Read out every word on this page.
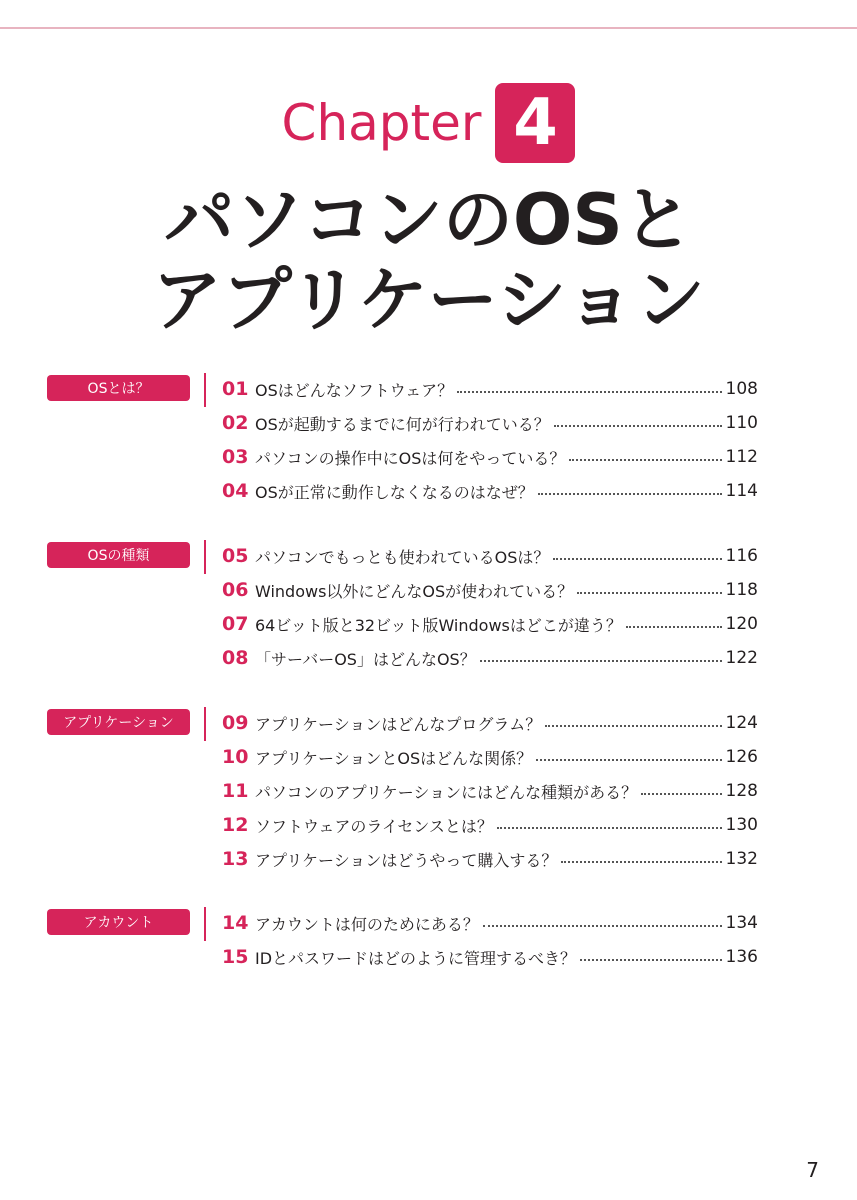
Chapter 4
パソコンのOSと
アプリケーション
OSとは？	01 OSはどんなソフトウェア？	108
02 OSが起動するまでに何が行われている？	110
03 パソコンの操作中にOSは何をやっている？	112
04 OSが正常に動作しなくなるのはなぜ？	114
OSの種類	05 パソコンでもっとも使われているOSは？	116
06 Windows以外にどんなOSが使われている？	118
07 64ビット版と32ビット版Windowsはどこが違う？	120
08 「サーバーOS」はどんなOS？	122
アプリケーション	09 アプリケーションはどんなプログラム？	124
10 アプリケーションとOSはどんな関係？	126
11 パソコンのアプリケーションにはどんな種類がある？	128
12 ソフトウェアのライセンスとは？	130
13 アプリケーションはどうやって購入する？	132
アカウント	14 アカウントは何のためにある？	134
15 IDとパスワードはどのように管理するべき？	136
7
